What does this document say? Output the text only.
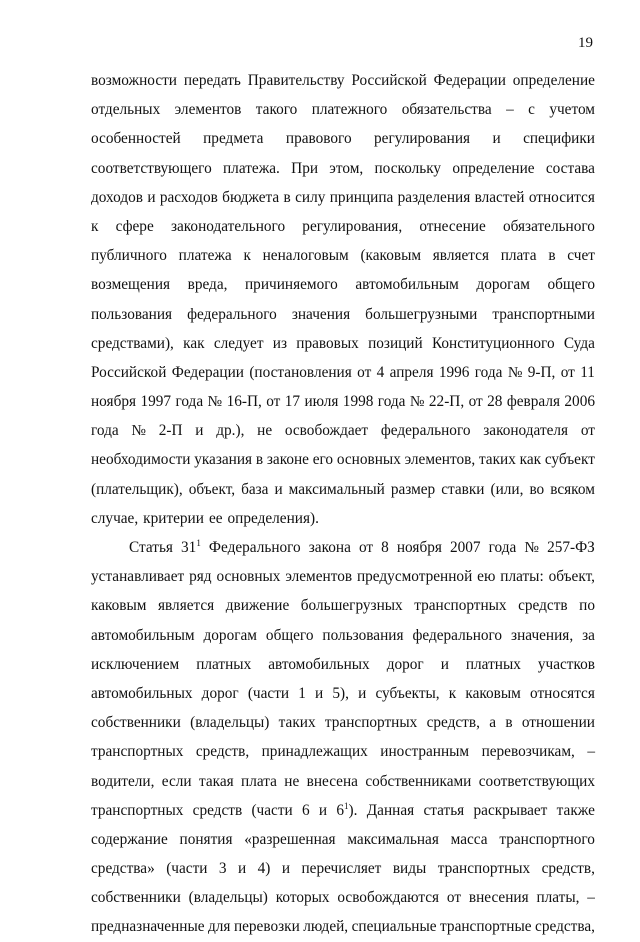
19
возможности передать Правительству Российской Федерации определение
отдельных элементов такого платежного обязательства – с учетом
особенностей предмета правового регулирования и специфики
соответствующего платежа. При этом, поскольку определение состава
доходов и расходов бюджета в силу принципа разделения властей относится
к сфере законодательного регулирования, отнесение обязательного
публичного платежа к неналоговым (каковым является плата в счет
возмещения вреда, причиняемого автомобильным дорогам общего
пользования федерального значения большегрузными транспортными
средствами), как следует из правовых позиций Конституционного Суда
Российской Федерации (постановления от 4 апреля 1996 года № 9-П, от 11
ноября 1997 года № 16-П, от 17 июля 1998 года № 22-П, от 28 февраля 2006
года № 2-П и др.), не освобождает федерального законодателя от
необходимости указания в законе его основных элементов, таких как субъект
(плательщик), объект, база и максимальный размер ставки (или, во всяком
случае, критерии ее определения).
Статья $31^1$ Федерального закона от 8 ноября 2007 года № 257-ФЗ
устанавливает ряд основных элементов предусмотренной ею платы: объект,
каковым является движение большегрузных транспортных средств по
автомобильным дорогам общего пользования федерального значения, за
исключением платных автомобильных дорог и платных участков
автомобильных дорог (части 1 и 5), и субъекты, к каковым относятся
собственники (владельцы) таких транспортных средств, а в отношении
транспортных средств, принадлежащих иностранным перевозчикам, –
водители, если такая плата не внесена собственниками соответствующих
транспортных средств (части 6 и $6^1$). Данная статья раскрывает также
содержание понятия «разрешенная максимальная масса транспортного
средства» (части 3 и 4) и перечисляет виды транспортных средств,
собственники (владельцы) которых освобождаются от внесения платы, –
предназначенные для перевозки людей, специальные транспортные средства,
